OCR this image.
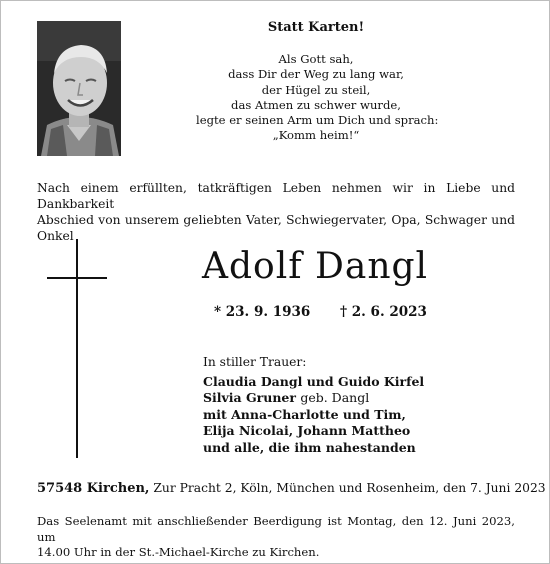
Statt Karten!
Als Gott sah,
dass Dir der Weg zu lang war,
der Hügel zu steil,
das Atmen zu schwer wurde,
legte er seinen Arm um Dich und sprach:
„Komm heim!“
Nach einem erfüllten, tatkräftigen Leben nehmen wir in Liebe und Dankbarkeit
Abschied von unserem geliebten Vater, Schwiegervater, Opa, Schwager und
Onkel
Adolf Dangl
* 23. 9. 1936 † 2. 6. 2023
In stiller Trauer:
Claudia Dangl und Guido Kirfel
Silvia Gruner geb. Dangl
mit Anna-Charlotte und Tim,
Elija Nicolai, Johann Mattheo
und alle, die ihm nahestanden
57548 Kirchen, Zur Pracht 2, Köln, München und Rosenheim, den 7. Juni 2023
Das Seelenamt mit anschließender Beerdigung ist Montag, den 12. Juni 2023, um
14.00 Uhr in der St.-Michael-Kirche zu Kirchen.
